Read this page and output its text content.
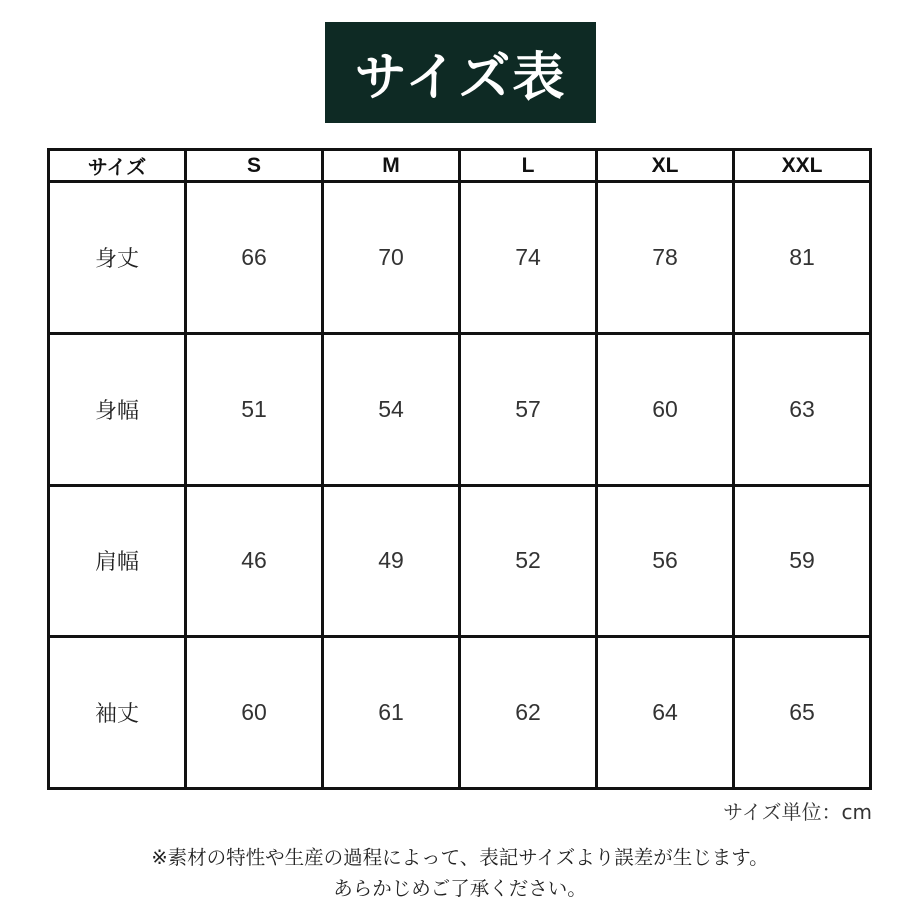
サイズ表
サイズ	S	M	L	XL	XXL
身丈	66	70	74	78	81
身幅	51	54	57	60	63
肩幅	46	49	52	56	59
袖丈	60	61	62	64	65
サイズ単位：cm
※素材の特性や生産の過程によって、表記サイズより誤差が生じます。
あらかじめご了承ください。
